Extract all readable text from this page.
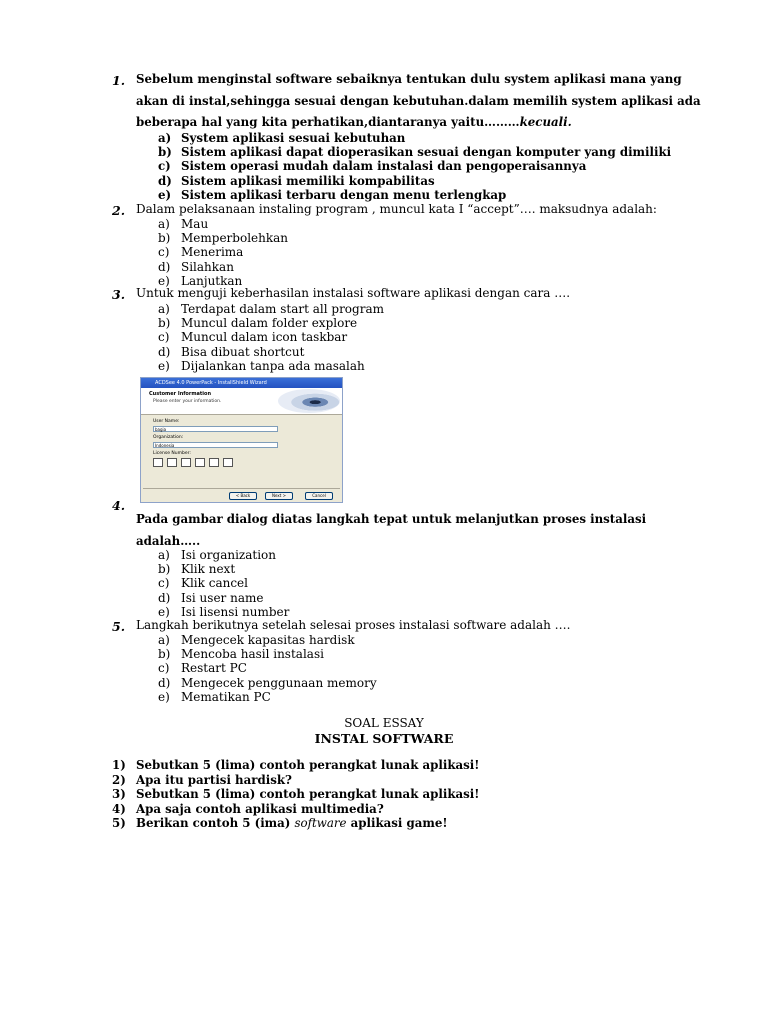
1. Sebelum menginstal software sebaiknya tentukan dulu system aplikasi mana yang
akan di instal,sehingga sesuai dengan kebutuhan.dalam memilih system aplikasi ada
beberapa hal yang kita perhatikan,diantaranya yaitu………kecuali.
a) System aplikasi sesuai kebutuhan
b) Sistem aplikasi dapat dioperasikan sesuai dengan komputer yang dimiliki
c) Sistem operasi mudah dalam instalasi dan pengoperaisannya
d) Sistem aplikasi memiliki kompabilitas
e) Sistem aplikasi terbaru dengan menu terlengkap
2. Dalam pelaksanaan instaling program , muncul kata I “accept”…. maksudnya adalah:
a) Mau
b) Memperbolehkan
c) Menerima
d) Silahkan
e) Lanjutkan
3. Untuk menguji keberhasilan instalasi software aplikasi dengan cara ….
a) Terdapat dalam start all program
b) Muncul dalam folder explore
c) Muncul dalam icon taskbar
d) Bisa dibuat shortcut
e) Dijalankan tanpa ada masalah
ACDSee 4.0 PowerPack - InstallShield Wizard
Customer Information
Please enter your information.
User Name:
bagia
Organization:
Indonesia
License Number:
< Back	Next >	Cancel
4.
Pada gambar dialog diatas langkah tepat untuk melanjutkan proses instalasi
adalah…..
a) Isi organization
b) Klik next
c) Klik cancel
d) Isi user name
e) Isi lisensi number
5. Langkah berikutnya setelah selesai proses instalasi software adalah ….
a) Mengecek kapasitas hardisk
b) Mencoba hasil instalasi
c) Restart PC
d) Mengecek penggunaan memory
e) Mematikan PC
SOAL ESSAY
INSTAL SOFTWARE
1) Sebutkan 5 (lima) contoh perangkat lunak aplikasi!
2) Apa itu partisi hardisk?
3) Sebutkan 5 (lima) contoh perangkat lunak aplikasi!
4) Apa saja contoh aplikasi multimedia?
5) Berikan contoh 5 (ima) software aplikasi game!
